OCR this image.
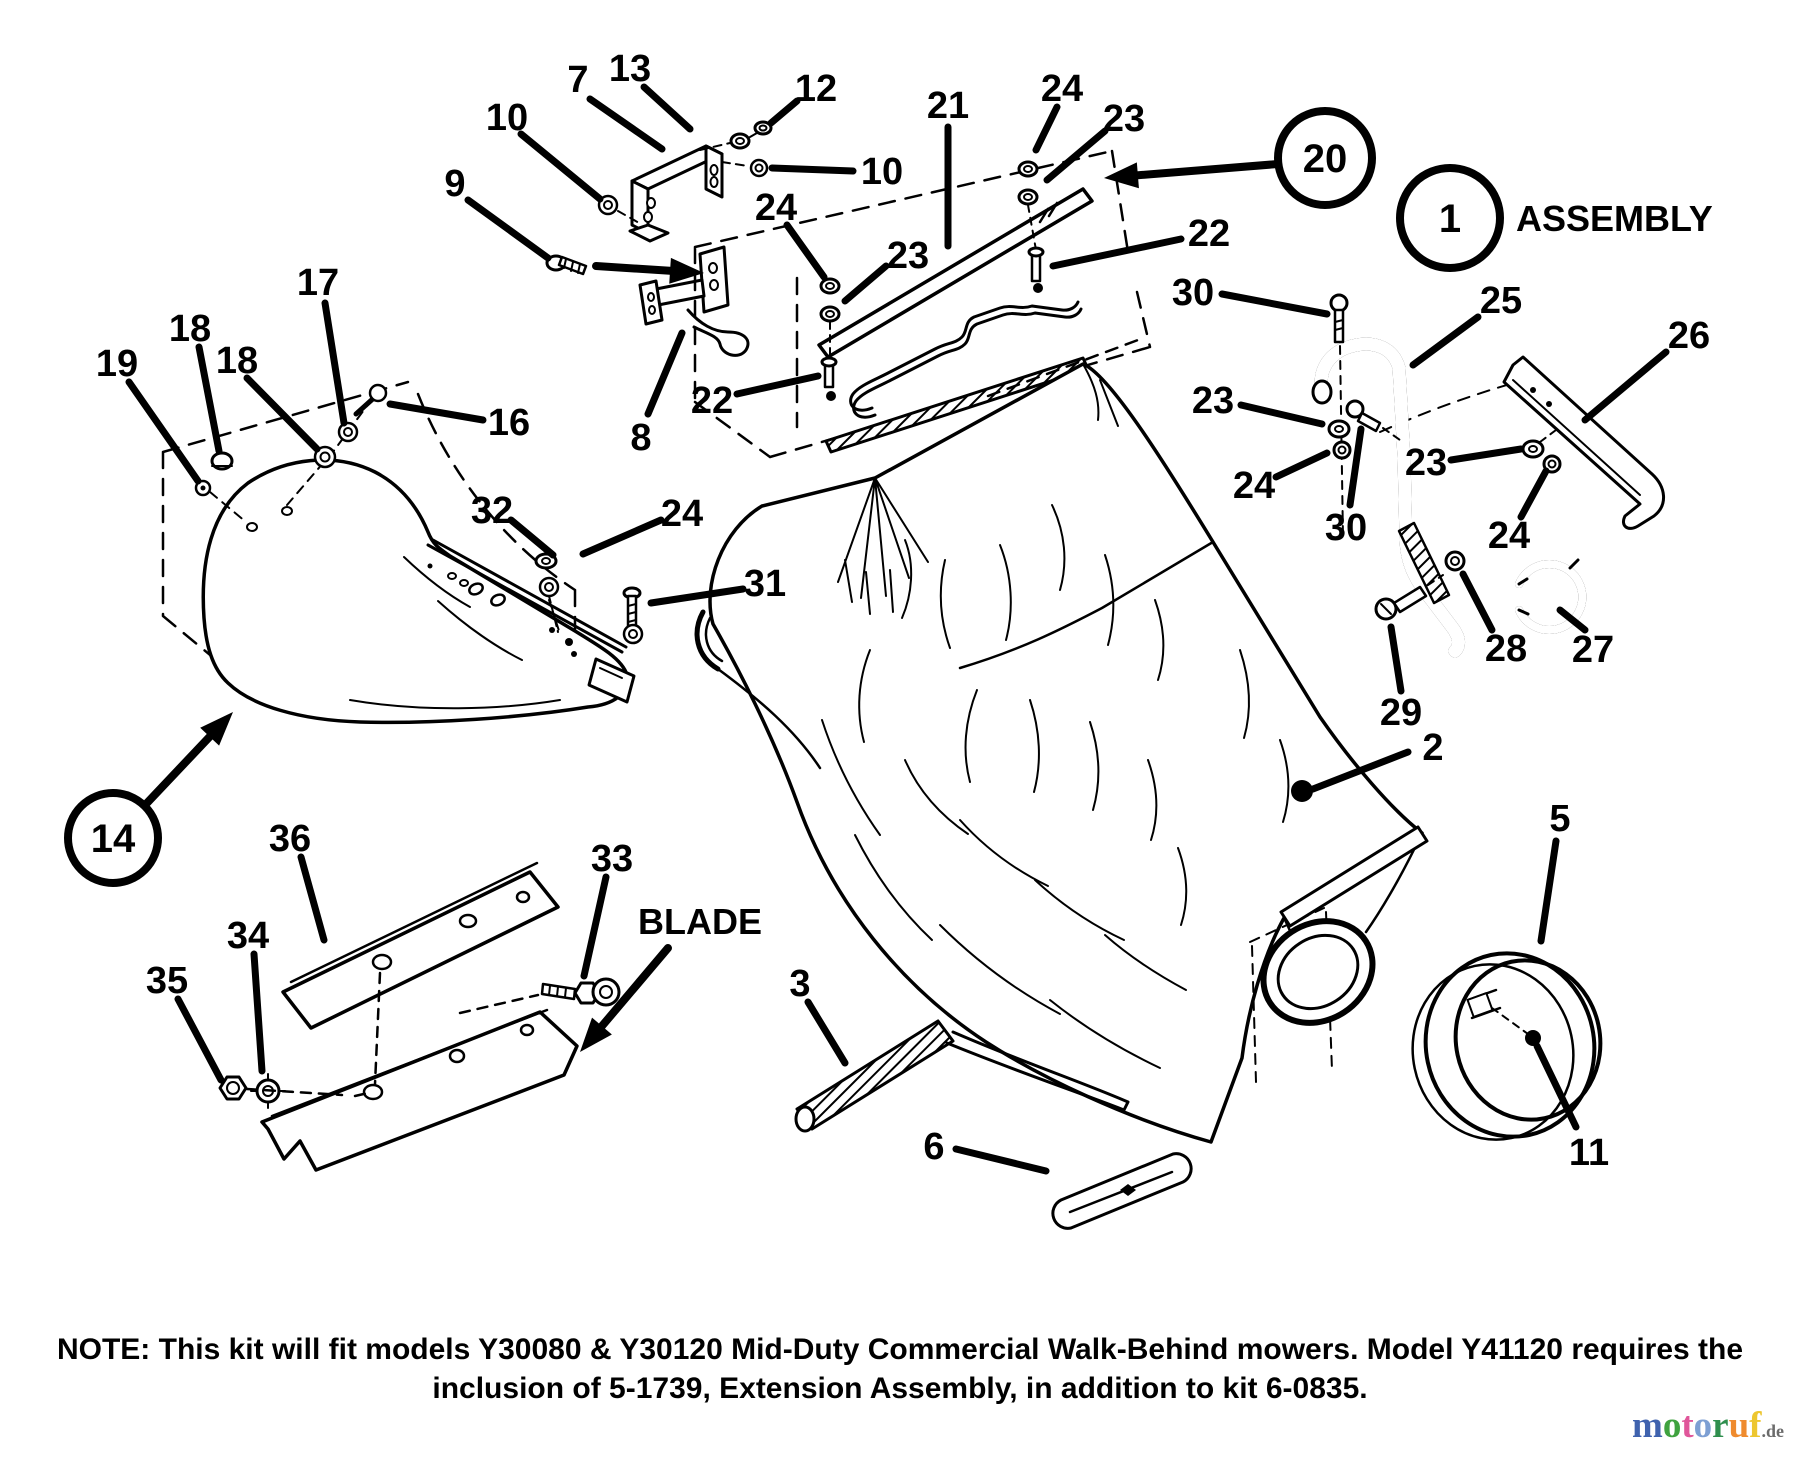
10
7 13	12
10
9
8
24
23
22
21 24
23
22
30	25
26
23
24
30
23
24
27
28
29
2
5
11
3
6
19
18
18
17
16
32	24
31
36
34
35
33
20
1 ASSEMBLY
14
BLADE
NOTE: This kit will fit models Y30080 & Y30120 Mid-Duty Commercial Walk-Behind mowers. Model Y41120 requires the
inclusion of 5-1739, Extension Assembly, in addition to kit 6-0835.
motoruf.de
